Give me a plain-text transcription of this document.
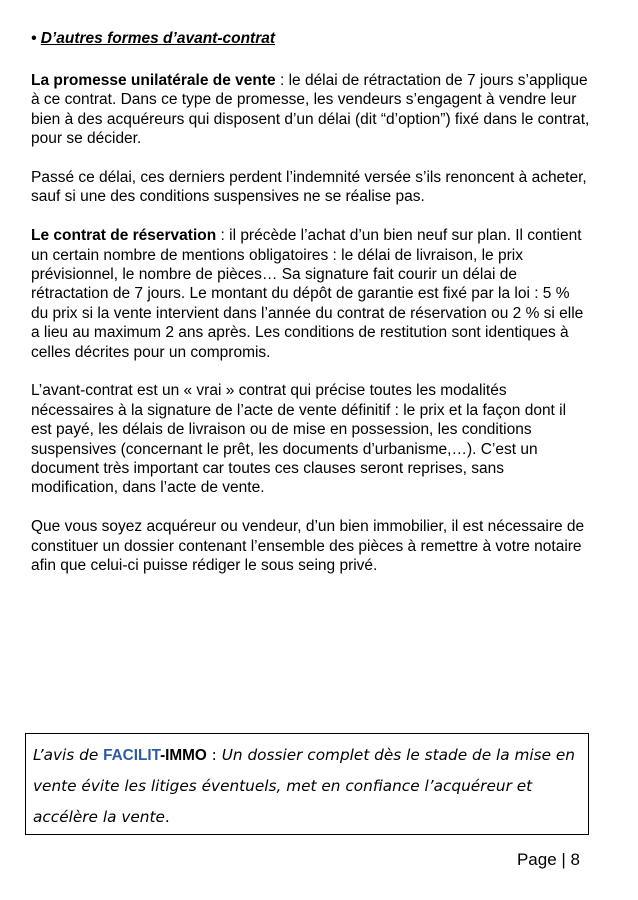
• D’autres formes d’avant-contrat

La promesse unilatérale de vente : le délai de rétractation de 7 jours s’applique à ce contrat. Dans ce type de promesse, les vendeurs s’engagent à vendre leur bien à des acquéreurs qui disposent d’un délai (dit “d’option”) fixé dans le contrat, pour se décider.

Passé ce délai, ces derniers perdent l’indemnité versée s’ils renoncent à acheter, sauf si une des conditions suspensives ne se réalise pas.

Le contrat de réservation : il précède l’achat d’un bien neuf sur plan. Il contient un certain nombre de mentions obligatoires : le délai de livraison, le prix prévisionnel, le nombre de pièces… Sa signature fait courir un délai de rétractation de 7 jours. Le montant du dépôt de garantie est fixé par la loi : 5 % du prix si la vente intervient dans l’année du contrat de réservation ou 2 % si elle a lieu au maximum 2 ans après. Les conditions de restitution sont identiques à celles décrites pour un compromis.

L’avant-contrat est un « vrai » contrat qui précise toutes les modalités nécessaires à la signature de l’acte de vente définitif : le prix et la façon dont il est payé, les délais de livraison ou de mise en possession, les conditions suspensives (concernant le prêt, les documents d’urbanisme,…). C’est un document très important car toutes ces clauses seront reprises, sans modification, dans l’acte de vente.

Que vous soyez acquéreur ou vendeur, d’un bien immobilier, il est nécessaire de constituer un dossier contenant l’ensemble des pièces à remettre à votre notaire afin que celui-ci puisse rédiger le sous seing privé.

L’avis de FACILIT-IMMO : Un dossier complet dès le stade de la mise en vente évite les litiges éventuels, met en confiance l’acquéreur et accélère la vente.
Page | 8
